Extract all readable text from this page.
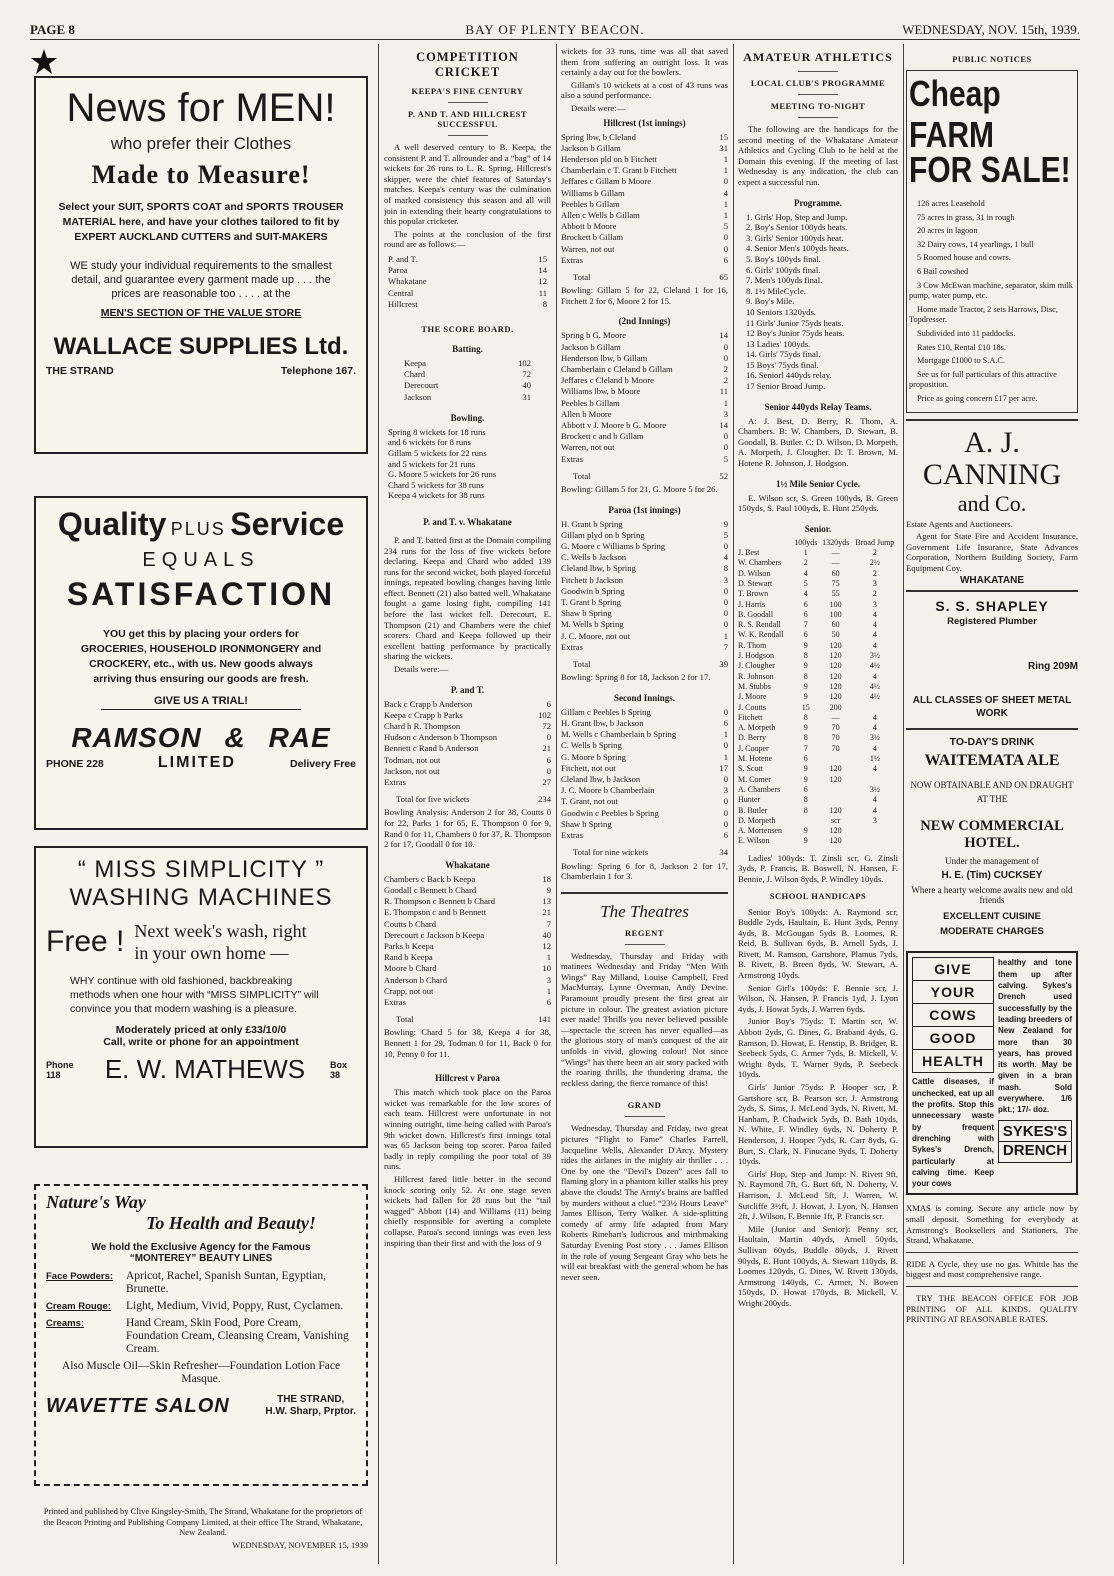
PAGE 8	BAY OF PLENTY BEACON.	WEDNESDAY, NOV. 15th, 1939.
News for MEN!
who prefer their Clothes
Made to Measure!
Select your SUIT, SPORTS COAT and SPORTS TROUSER MATERIAL here, and have your clothes tailored to fit by EXPERT AUCKLAND CUTTERS and SUIT-MAKERS
WE study your individual requirements to the smallest detail, and guarantee every garment made up . . . the prices are reasonable too . . . . at the
MEN'S SECTION OF THE VALUE STORE
WALLACE SUPPLIES Ltd.
THE STRAND	Telephone 167.
Quality PLUS Service
EQUALS
SATISFACTION
YOU get this by placing your orders for GROCERIES, HOUSEHOLD IRONMONGERY and CROCKERY, etc., with us. New goods always arriving thus ensuring our goods are fresh.
GIVE US A TRIAL!
RAMSON & RAE
PHONE 228	LIMITED	Delivery Free
“ MISS SIMPLICITY ”
WASHING MACHINES
Free ! Next week's wash, right
in your own home —
WHY continue with old fashioned, backbreaking methods when one hour with “MISS SIMPLICITY” will convince you that modern washing is a pleasure.
Moderately priced at only £33/10/0
Call, write or phone for an appointment
Phone 118	E. W. MATHEWS	Box 38
Nature's Way
To Health and Beauty!
We hold the Exclusive Agency for the Famous
“MONTEREY” BEAUTY LINES
Face Powders:	Apricot, Rachel, Spanish Suntan, Egyptian, Brunette.
Cream Rouge:	Light, Medium, Vivid, Poppy, Rust, Cyclamen.
Creams:	Hand Cream, Skin Food, Pore Cream, Foundation Cream, Cleansing Cream, Vanishing Cream.
Also Muscle Oil—Skin Refresher—Foundation Lotion Face Masque.
WAVETTE SALON	THE STRAND,
H.W. Sharp, Prptor.
Printed and published by Clive Kingsley-Smith, The Strand, Whakatane for the proprietors of the Beacon Printing and Publishing Company Limited, at their office The Strand, Whakatane, New Zealand.
WEDNESDAY, NOVEMBER 15, 1939
COMPETITION CRICKET
KEEPA'S FINE CENTURY
P. AND T. AND HILLCREST SUCCESSFUL
A well deserved century to B. Keepa, the consistent P. and T. allrounder and a “bag” of 14 wickets for 26 runs to L. R. Spring, Hillcrest's skipper, were the chief features of Saturday's matches. Keepa's century was the culmination of marked consistency this season and all will join in extending their hearty congratulations to this popular cricketer.
The points at the conclusion of the first round are as follows:—
P. and T.	15
Paroa	14
Whakatane	12
Central	11
Hillcrest	8
THE SCORE BOARD.
Batting.
Keepa	102
Chard	72
Derecourt	40
Jackson	31
Bowling.
Spring 8 wickets for 18 runs
and 6 wickets for 8 runs
Gillam 5 wickets for 22 runs
and 5 wickets for 21 runs
G. Moore 5 wickets for 26 runs
Chard 5 wickets for 38 runs
Keepa 4 wickets for 38 runs
P. and T. v. Whakatane
P. and T. batted first at the Domain compiling 234 runs for the loss of five wickets before declaring. Keepa and Chard who added 139 runs for the second wicket, both played forceful innings, repeated bowling changes having little effect. Bennett (21) also batted well. Whakatane fought a game losing fight, compiling 141 before the last wicket fell. Derecourt, E. Thompson (21) and Chambers were the chief scorers. Chard and Keepa followed up their excellent batting performance by practically sharing the wickets.
Details were:—
P. and T.
Back c Crapp b Anderson	6
Keepa c Crapp b Parks	102
Chard b R. Thompson	72
Hudson c Anderson b Thompson	0
Bennett c Rand b Anderson	21
Todman, not out	6
Jackson, not out	0
Extras	27
Total for five wickets	234
Bowling Analysis: Anderson 2 for 38, Coutts 0 for 22, Parks 1 for 65, E. Thompson 0 for 9, Rand 0 for 11, Chambers 0 for 37, R. Thompson 2 for 17, Goodall 0 for 10.
Whakatane
Chambers c Back b Keepa	18
Goodall c Bennett b Chard	9
R. Thompson c Bennett b Chard	13
E. Thompson c and b Bennett	21
Coutts b Chard	7
Derecourt c Jackson b Keepa	40
Parks b Keepa	12
Rand b Keepa	1
Moore b Chard	10
Anderson b Chard	3
Crapp, not out	1
Extras	6
Total	141
Bowling: Chard 5 for 38, Keepa 4 for 38, Bennett 1 for 29, Todman 0 for 11, Back 0 for 10, Penny 0 for 11.
Hillcrest v Paroa
This match which took place on the Paroa wicket was remarkable for the low scores of each team. Hillcrest were unfortunate in not winning outright, time being called with Paroa's 9th wicket down. Hillcrest's first innings total was 65 Jackson being top scorer. Paroa failed badly in reply compiling the poor total of 39 runs.
Hillcrest fared little better in the second knock scoring only 52. At one stage seven wickets had fallen for 28 runs but the “tail wagged” Abbott (14) and Williams (11) being chiefly responsible for averting a complete collapse. Paroa's second innings was even less inspiring than their first and with the loss of 9
wickets for 33 runs, time was all that saved them from suffering an outright loss. It was certainly a day out for the bowlers.
Gillam's 10 wickets at a cost of 43 runs was also a sound performance.
Details were:—
Hillcrest (1st innings)
Spring lbw, b Cleland	15
Jackson b Gillam	31
Henderson pld on b Fitchett	1
Chamberlain c T. Grant b Fitchett	1
Jeffares c Gillam b Moore	0
Williams b Gillam	4
Peebles b Gillam	1
Allen c Wells b Gillam	1
Abbott b Moore	5
Brockett b Gillam	0
Warren, not out	0
Extras	6
Total	65
Bowling: Gillam 5 for 22, Cleland 1 for 16, Fitchett 2 for 6, Moore 2 for 15.
(2nd Innings)
Spring b G. Moore	14
Jackson b Gillam	0
Henderson lbw, b Gillam	0
Chamberlain c Cleland b Gillam	2
Jeffares c Cleland b Moore	2
Williams lbw, b Moore	11
Peebles b Gillam	1
Allen b Moore	3
Abbott v J. Moore b G. Moore	14
Brockett c and b Gillam	0
Warren, not out	0
Extras	5
Total	52
Bowling: Gillam 5 for 21, G. Moore 5 for 26.
Paroa (1st innings)
H. Grant b Spring	9
Gillam plyd on b Spring	5
G. Moore c Williams b Spring	0
C. Wells b Jackson	4
Cleland lbw, b Spring	8
Fitchett b Jackson	3
Goodwin b Spring	0
T. Grant b Spring	0
Shaw b Spring	0
M. Wells b Spring	0
J. C. Moore, not out	1
Extras	7
Total	39
Bowling: Spring 8 for 18, Jackson 2 for 17.
Second Innings.
Gillam c Peebles b Spring	0
H. Grant lbw, b Jackson	6
M. Wells c Chamberlain b Spring	1
C. Wells b Spring	0
G. Moore b Spring	1
Fitchett, not out	17
Cleland lbw, b Jackson	0
J. C. Moore b Chamberlain	3
T. Grant, not out	0
Goodwin c Peebles b Spring	0
Shaw b Spring	0
Extras	6
Total for nine wickets	34
Bowling: Spring 6 for 8, Jackson 2 for 17, Chamberlain 1 for 3.
The Theatres
REGENT
Wednesday, Thursday and Friday with matinees Wednesday and Friday “Men With Wings” Ray Milland, Louise Campbell, Fred MacMurray, Lynne Overman, Andy Devine. Paramount proudly present the first great air picture in colour. The greatest aviation picture ever made! Thrills you never believed possible —spectacle the screen has never equalled—as the glorious story of man's conquest of the air unfolds in vivid, glowing colour! Not since “Wings” has there been an air story packed with the roaring thrills, the thundering drama, the reckless daring, the fierce romance of this!
GRAND
Wednesday, Thursday and Friday, two great pictures “Flight to Fame” Charles Farrell, Jacqueline Wells, Alexander D'Arcy. Mystery rides the airlanes in the mighty air thriller . . . One by one the “Devil's Dozen” aces fall to flaming glory in a phantom killer stalks his prey above the clouds! The Army's brains are baffled by murders without a clue! “23½ Hours Leave” James Ellison, Terry Walker. A side-splitting comedy of army life adapted from Mary Roberts Rinehart's ludicrous and mirthmaking Saturday Evening Post story . . . James Ellison in the role of young Sergeant Gray who bets he will eat breakfast with the general whom he has never seen.
AMATEUR ATHLETICS
LOCAL CLUB'S PROGRAMME
MEETING TO-NIGHT
The following are the handicaps for the second meeting of the Whakatane Amateur Athletics and Cycling Club to be held at the Domain this evening. If the meeting of last Wednesday is any indication, the club can expect a successful run.
Programme.
1. Girls' Hop, Step and Jump.
2. Boy's Senior 100yds heats.
3. Girls' Senior 100yds heat.
4. Senior Men's 100yds heats.
5. Boy's 100yds final.
6. Girls' 100yds final.
7. Men's 100yds final.
8. 1½ MileCycle.
9. Boy's Mile.
10 Seniors 1320yds.
11 Girls' Junior 75yds heats.
12 Boy's Junior 75yds heats.
13 Ladies' 100yds.
14. Girls' 75yds final.
15 Boys' 75yds final.
16. Seniorl 440yds relay.
17 Senior Broad Jump.
Senior 440yds Relay Teams.
A: J. Best, D. Berry, R. Thom, A. Chambers. B: W. Chambers, D. Stewart, B. Goodall, B. Butler. C: D. Wilson, D. Morpeth, A. Morpeth, J. Clougher. D: T. Brown, M. Hotene R. Johnson, J. Hodgson.
1½ Mile Senior Cycle.
E. Wilson scr, S. Green 100yds, B. Green 150yds, S. Paul 100yds, E. Hunt 250yds.
Senior.
	100yds	1320yds	Broad Jump
J. Best	1	—	2
W. Chambers	2	—	2½
D. Wilson	4	60	2
D. Stewart	5	75	3
T. Brown	4	55	2
J. Harris	6	100	3
B. Goodall	6	100	4
R. S. Rendall	7	60	4
W. K. Rendall	6	50	4
R. Thom	9	120	4
J. Hodgson	8	120	3½
J. Clougher	9	120	4½
R. Johnson	8	120	4
M. Stubbs	9	120	4½
J. Moore	9	120	4½
J. Coutts	15	200	
Fitchett	8	—	4
A. Morpeth	9	70	4
D. Berry	8	70	3½
J. Cooper	7	70	4
M. Hotene	6		1½
S. Scott	9	120	4
M. Comer	9	120	
A. Chambers	6		3½
Hunter	8		4
B. Butler	8	120	4
D. Morpeth		scr	3
A. Mortensen	9	120	
E. Wilson	9	120	
Ladies' 100yds: T. Zinsli scr, G. Zinsli 3yds, P. Francis, B. Boswell, N. Hansen, F. Bennie, J. Wilson 8yds, P. Windley 10yds.
SCHOOL HANDICAPS
Senior Boy's 100yds: A. Raymond scr, Buddle 2yds, Haultain, E. Hunt 3yds, Penny 4yds, B. McGougan 5yds B. Loomes, R. Reid, B. Sullivan 6yds, B. Arnell 5yds, J. Rivett, M. Ramson, Gartshore, Plamus 7yds, B. Rivett, B. Breen 8yds, W. Stewart, A. Armstrong 10yds.
Senior Girl's 100yds: F. Bennie scr, J. Wilson, N. Hansen, P. Francis 1yd, J. Lyon 4yds, J. Howat 5yds, J. Warren 6yds.
Junior Boy's 75yds: T. Martin scr, W. Abbott 2yds, G. Dines, G. Braband 4yds, G. Ramson, D. Howat, E. Henstip, B. Bridger, R. Seebeck 5yds, C. Armer 7yds, B. Mickell, V. Wright 8yds, T. Warner 9yds, P. Seebeck 10yds.
Girls' Junior 75yds: P. Hooper scr, P. Gartshore scr, B. Pearson scr, J. Armstrong 2yds, S. Sims, J. McLeod 3yds, N. Rivett, M. Hanham, P. Chadwick 5yds, D. Bath 10yds, N. White, F. Windley 6yds, N. Doherty P. Henderson, J. Hooper 7yds, R. Carr 8yds, G. Burt, S. Clark, N. Finucane 9yds, T. Doherty 10yds.
Girls' Hop, Step and Jump: N. Rivett 9ft, N. Raymond 7ft, G. Burt 6ft, N. Doherty, V. Harrison, J. McLeod 5ft, J. Warren, W. Sutcliffe 3½ft, J. Howat, J. Lyon, N. Hansen 2ft, J. Wilson, F. Bennie 1ft, P. Francis scr.
Mile (Junior and Senior): Penny scr, Haultain, Martin 40yds, Arnell 50yds, Sullivan 60yds, Buddle 80yds, J. Rivett 90yds, E. Hunt 100yds, A. Stewart 110yds, B. Loomes 120yds, G. Dines, W. Rivett 130yds, Armstrong 140yds, C. Armer, N. Bowen 150yds, D. Howat 170yds, B. Mickell, V. Wright 200yds.
PUBLIC NOTICES
Cheap FARM
FOR SALE!
126 acres Leasehold
75 acres in grass, 31 in rough
20 acres in lagoon
32 Dairy cows, 14 yearlings, 1 bull
5 Roomed house and cowrs.
6 Bail cowshed
3 Cow McEwan machine, separator, skim milk pump, water pump, etc.
Home made Tractor, 2 sets Harrows, Disc, Topdresser.
Subdivided into 11 paddocks.
Rates £10, Rental £10 18s.
Mortgage £1000 to S.A.C.
See us for full particulars of this attractive proposition.
Price as going concern £17 per acre.
A. J. CANNING
and Co.
Estate Agents and Auctioneers.
Agent for State Fire and Accident Insurance, Government Life Insurance, State Advances Corporation, Northern Building Society, Farm Equipment Coy.
WHAKATANE
S. S. SHAPLEY
Registered Plumber
Ring 209M
ALL CLASSES OF SHEET METAL WORK
TO-DAY'S DRINK
WAITEMATA ALE
NOW OBTAINABLE AND ON DRAUGHT AT THE
NEW COMMERCIAL HOTEL.
Under the management of
H. E. (Tim) CUCKSEY
Where a hearty welcome awaits new and old friends
EXCELLENT CUISINE
MODERATE CHARGES
GIVE
YOUR
COWS
GOOD
HEALTH
Cattle diseases, if unchecked, eat up all the profits. Stop this unnecessary waste by frequent drenching with Sykes's Drench, particularly at calving time. Keep your cows
healthy and tone them up after calving. Sykes's Drench used successfully by the leading breeders of New Zealand for more than 30 years, has proved its worth. May be given in a bran mash. Sold everywhere. 1/6 pkt.; 17/- doz.
SYKES'S
DRENCH
XMAS is coming. Secure any article now by small deposit. Something for everybody at Armstrong's Booksellers and Stationers, The Strand, Whakatane.
RIDE A Cycle, they use no gas. Whittle has the biggest and most comprehensive range.
TRY THE BEACON OFFICE FOR JOB PRINTING OF ALL KINDS. QUALITY PRINTING AT REASONABLE RATES.
